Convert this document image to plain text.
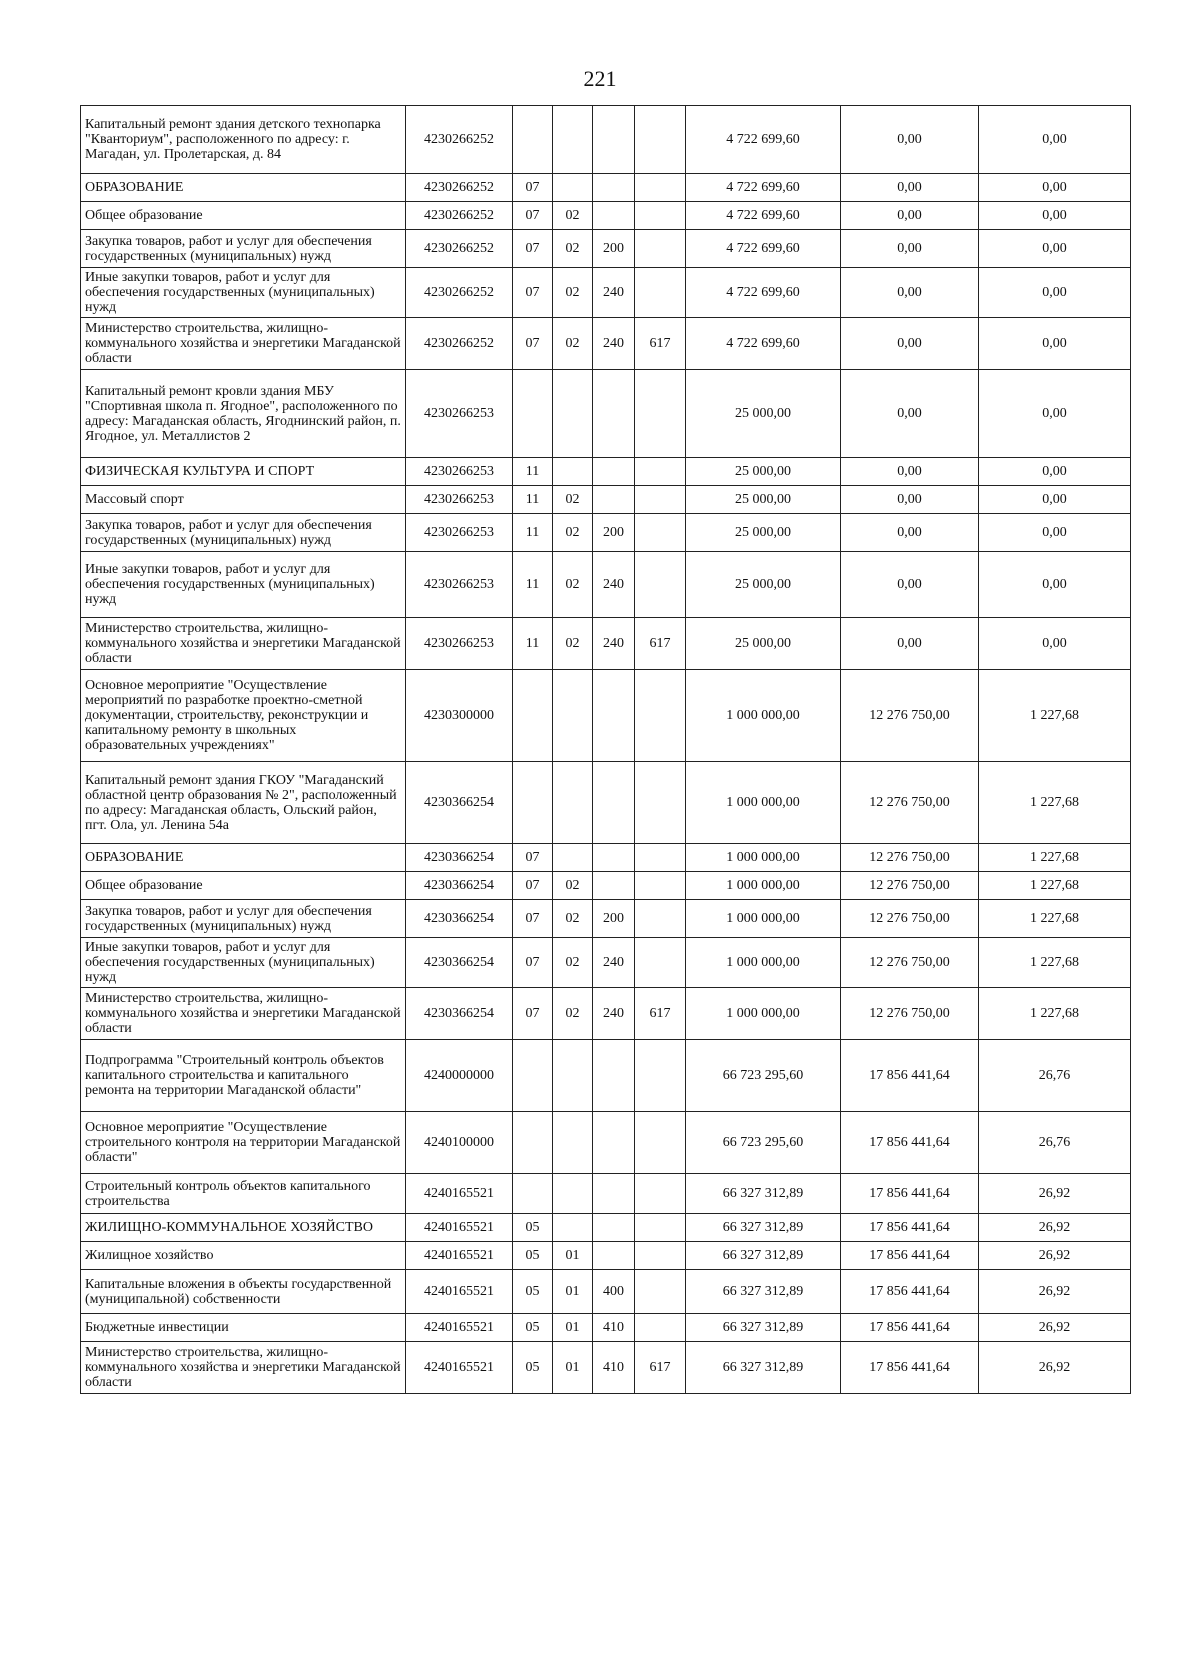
221
Капитальный ремонт здания детского технопарка "Кванториум", расположенного по адресу: г. Магадан, ул. Пролетарская, д. 84	4230266252					4 722 699,60	0,00	0,00
ОБРАЗОВАНИЕ	4230266252	07				4 722 699,60	0,00	0,00
Общее образование	4230266252	07	02			4 722 699,60	0,00	0,00
Закупка товаров, работ и услуг для обеспечения государственных (муниципальных) нужд	4230266252	07	02	200		4 722 699,60	0,00	0,00
Иные закупки товаров, работ и услуг для обеспечения государственных (муниципальных) нужд	4230266252	07	02	240		4 722 699,60	0,00	0,00
Министерство строительства, жилищно-коммунального хозяйства и энергетики Магаданской области	4230266252	07	02	240	617	4 722 699,60	0,00	0,00
Капитальный ремонт кровли здания МБУ "Спортивная школа п. Ягодное", расположенного по адресу: Магаданская область, Ягоднинский район, п. Ягодное, ул. Металлистов 2	4230266253					25 000,00	0,00	0,00
ФИЗИЧЕСКАЯ КУЛЬТУРА И СПОРТ	4230266253	11				25 000,00	0,00	0,00
Массовый спорт	4230266253	11	02			25 000,00	0,00	0,00
Закупка товаров, работ и услуг для обеспечения государственных (муниципальных) нужд	4230266253	11	02	200		25 000,00	0,00	0,00
Иные закупки товаров, работ и услуг для обеспечения государственных (муниципальных) нужд	4230266253	11	02	240		25 000,00	0,00	0,00
Министерство строительства, жилищно-коммунального хозяйства и энергетики Магаданской области	4230266253	11	02	240	617	25 000,00	0,00	0,00
Основное мероприятие "Осуществление мероприятий по разработке проектно-сметной документации, строительству, реконструкции и капитальному ремонту в школьных образовательных учреждениях"	4230300000					1 000 000,00	12 276 750,00	1 227,68
Капитальный ремонт здания ГКОУ "Магаданский областной центр образования № 2", расположенный по адресу: Магаданская область, Ольский район, пгт. Ола, ул. Ленина 54а	4230366254					1 000 000,00	12 276 750,00	1 227,68
ОБРАЗОВАНИЕ	4230366254	07				1 000 000,00	12 276 750,00	1 227,68
Общее образование	4230366254	07	02			1 000 000,00	12 276 750,00	1 227,68
Закупка товаров, работ и услуг для обеспечения государственных (муниципальных) нужд	4230366254	07	02	200		1 000 000,00	12 276 750,00	1 227,68
Иные закупки товаров, работ и услуг для обеспечения государственных (муниципальных) нужд	4230366254	07	02	240		1 000 000,00	12 276 750,00	1 227,68
Министерство строительства, жилищно-коммунального хозяйства и энергетики Магаданской области	4230366254	07	02	240	617	1 000 000,00	12 276 750,00	1 227,68
Подпрограмма "Строительный контроль объектов капитального строительства и капитального ремонта на территории Магаданской области"	4240000000					66 723 295,60	17 856 441,64	26,76
Основное мероприятие "Осуществление строительного контроля на территории Магаданской области"	4240100000					66 723 295,60	17 856 441,64	26,76
Строительный контроль объектов капитального строительства	4240165521					66 327 312,89	17 856 441,64	26,92
ЖИЛИЩНО-КОММУНАЛЬНОЕ ХОЗЯЙСТВО	4240165521	05				66 327 312,89	17 856 441,64	26,92
Жилищное хозяйство	4240165521	05	01			66 327 312,89	17 856 441,64	26,92
Капитальные вложения в объекты государственной (муниципальной) собственности	4240165521	05	01	400		66 327 312,89	17 856 441,64	26,92
Бюджетные инвестиции	4240165521	05	01	410		66 327 312,89	17 856 441,64	26,92
Министерство строительства, жилищно-коммунального хозяйства и энергетики Магаданской области	4240165521	05	01	410	617	66 327 312,89	17 856 441,64	26,92
